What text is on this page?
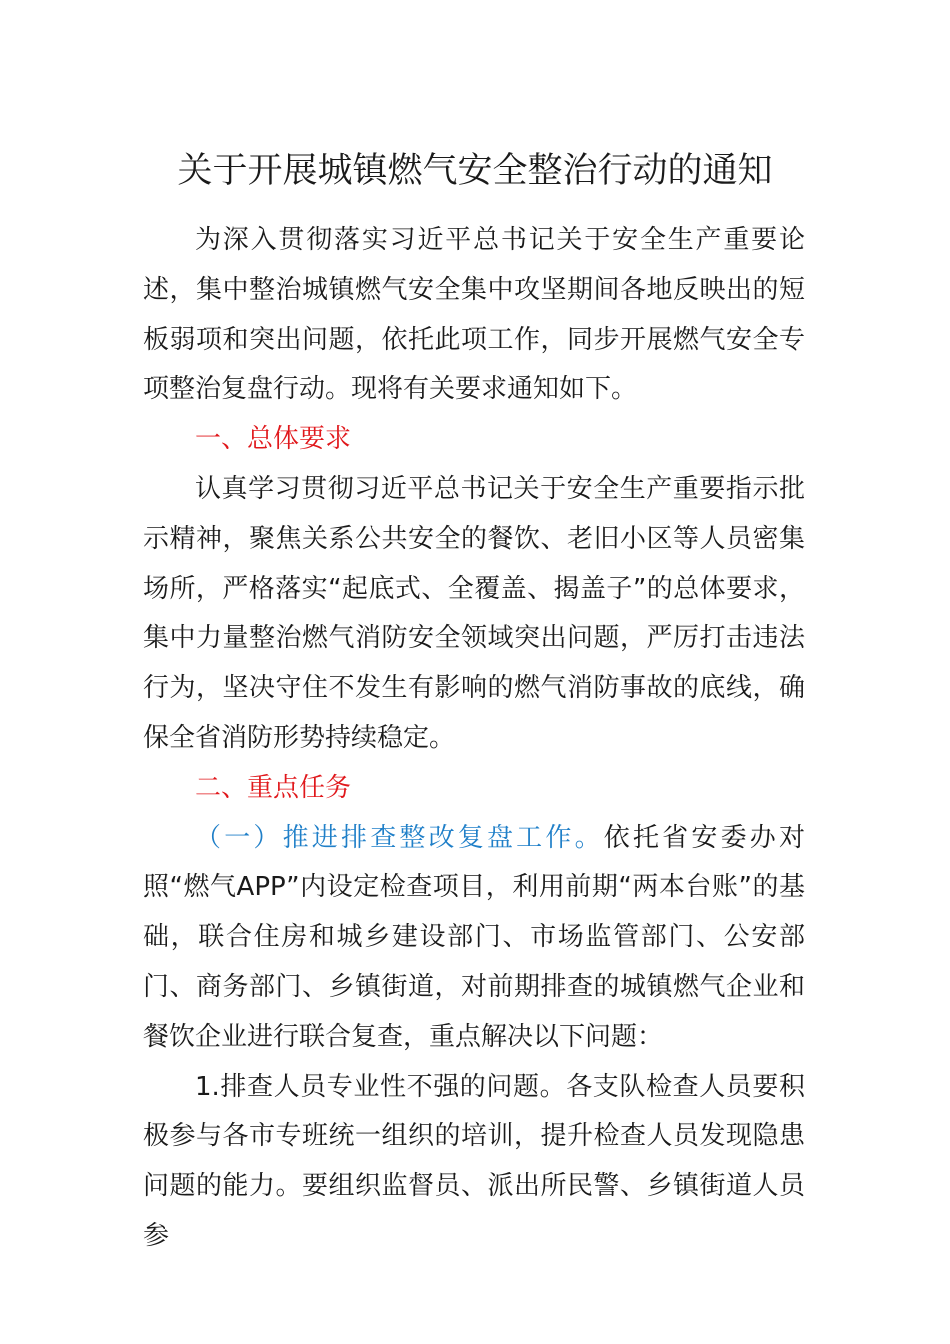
关于开展城镇燃气安全整治行动的通知

为深入贯彻落实习近平总书记关于安全生产重要论述，集中整治城镇燃气安全集中攻坚期间各地反映出的短板弱项和突出问题，依托此项工作，同步开展燃气安全专项整治复盘行动。现将有关要求通知如下。

一、总体要求

认真学习贯彻习近平总书记关于安全生产重要指示批示精神，聚焦关系公共安全的餐饮、老旧小区等人员密集场所，严格落实“起底式、全覆盖、揭盖子”的总体要求，集中力量整治燃气消防安全领域突出问题，严厉打击违法行为，坚决守住不发生有影响的燃气消防事故的底线，确保全省消防形势持续稳定。

二、重点任务

（一）推进排查整改复盘工作。依托省安委办对照“燃气APP”内设定检查项目，利用前期“两本台账”的基础，联合住房和城乡建设部门、市场监管部门、公安部门、商务部门、乡镇街道，对前期排查的城镇燃气企业和餐饮企业进行联合复查，重点解决以下问题：

1.排查人员专业性不强的问题。各支队检查人员要积极参与各市专班统一组织的培训，提升检查人员发现隐患问题的能力。要组织监督员、派出所民警、乡镇街道人员参
